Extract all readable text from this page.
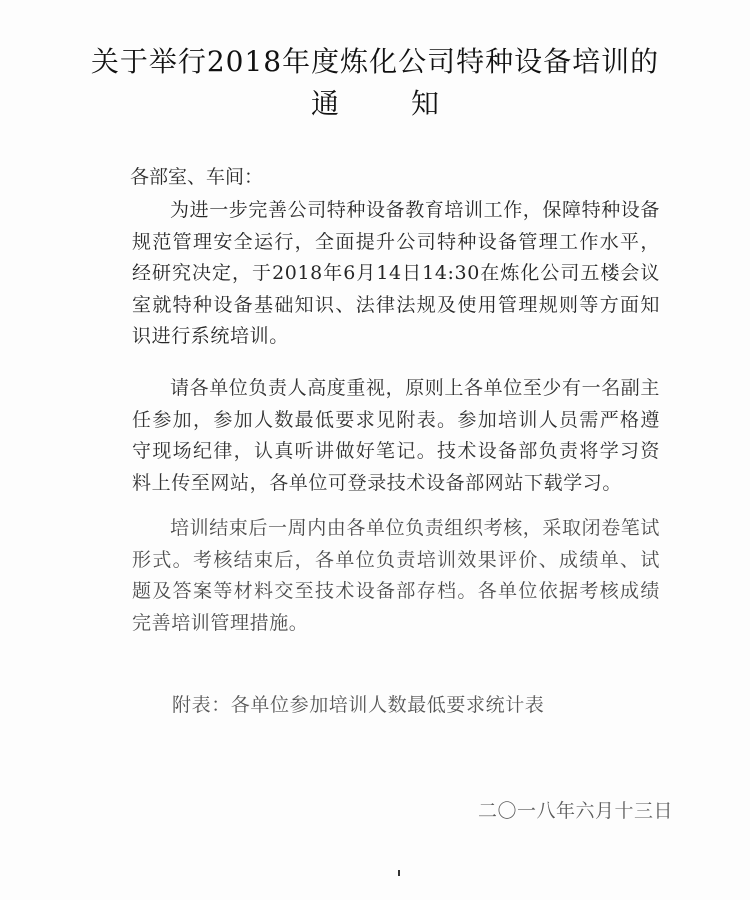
关于举行2018年度炼化公司特种设备培训的
通	知
各部室、车间：
为进一步完善公司特种设备教育培训工作，保障特种设备规范管理安全运行，全面提升公司特种设备管理工作水平，经研究决定，于2018年6月14日14:30在炼化公司五楼会议室就特种设备基础知识、法律法规及使用管理规则等方面知识进行系统培训。
请各单位负责人高度重视，原则上各单位至少有一名副主任参加，参加人数最低要求见附表。参加培训人员需严格遵守现场纪律，认真听讲做好笔记。技术设备部负责将学习资料上传至网站，各单位可登录技术设备部网站下载学习。
培训结束后一周内由各单位负责组织考核，采取闭卷笔试形式。考核结束后，各单位负责培训效果评价、成绩单、试题及答案等材料交至技术设备部存档。各单位依据考核成绩完善培训管理措施。
附表：各单位参加培训人数最低要求统计表
二〇一八年六月十三日
